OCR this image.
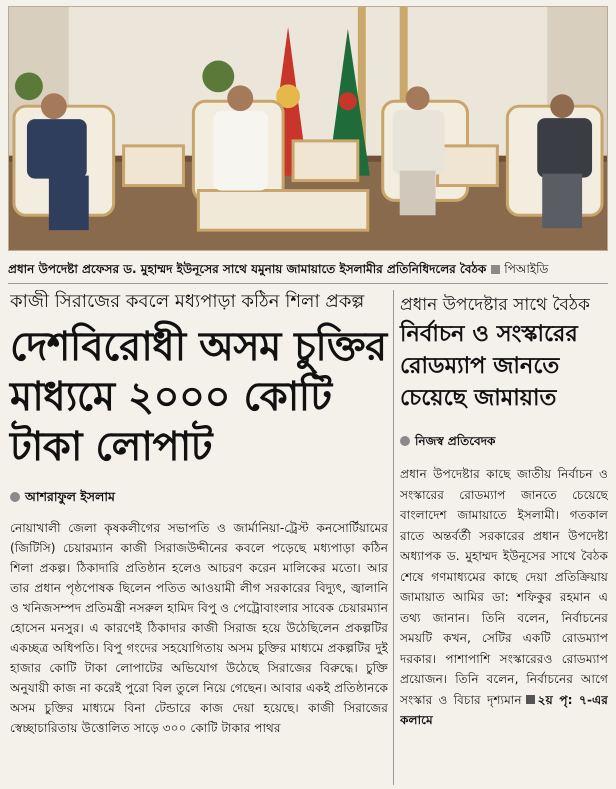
প্রধান উপদেষ্টা প্রফেসর ড. মুহাম্মদ ইউনূসের সাথে যমুনায় জামায়াতে ইসলামীর প্রতিনিধিদলের বৈঠক পিআইডি
কাজী সিরাজের কবলে মধ্যপাড়া কঠিন শিলা প্রকল্প
দেশবিরোধী অসম চুক্তির মাধ্যমে ২০০০ কোটি টাকা লোপাট
আশরাফুল ইসলাম
নোয়াখালী জেলা কৃষকলীগের সভাপতি ও জার্মানিয়া-ট্রেস্ট কনসোর্টিয়ামের (জিটিসি) চেয়ারম্যান কাজী সিরাজউদ্দীনের কবলে পড়েছে মধ্যপাড়া কঠিন শিলা প্রকল্প। ঠিকাদারি প্রতিষ্ঠান হলেও আচরণ করেন মালিকের মতো। আর তার প্রধান পৃষ্ঠপোষক ছিলেন পতিত আওয়ামী লীগ সরকারের বিদ্যুৎ, জ্বালানি ও খনিজসম্পদ প্রতিমন্ত্রী নসরুল হামিদ বিপু ও পেট্রোবাংলার সাবেক চেয়ারম্যান হোসেন মনসুর। এ কারণেই ঠিকাদার কাজী সিরাজ হয়ে উঠেছিলেন প্রকল্পটির একচ্ছত্র অধিপতি। বিপু গংদের সহযোগিতায় অসম চুক্তির মাধ্যমে প্রকল্পটির দুই হাজার কোটি টাকা লোপাটের অভিযোগ উঠেছে সিরাজের বিরুদ্ধে। চুক্তি অনুযায়ী কাজ না করেই পুরো বিল তুলে নিয়ে গেছেন। আবার একই প্রতিষ্ঠানকে অসম চুক্তির মাধ্যমে বিনা টেন্ডারে কাজ দেয়া হয়েছে। কাজী সিরাজের স্বেচ্ছাচারিতায় উত্তোলিত সাড়ে ৩০০ কোটি টাকার পাথর
প্রধান উপদেষ্টার সাথে বৈঠক
নির্বাচন ও সংস্কারের রোডম্যাপ জানতে চেয়েছে জামায়াত
নিজস্ব প্রতিবেদক
প্রধান উপদেষ্টার কাছে জাতীয় নির্বাচন ও সংস্কারের রোডম্যাপ জানতে চেয়েছে বাংলাদেশ জামায়াতে ইসলামী। গতকাল রাতে অন্তর্বর্তী সরকারের প্রধান উপদেষ্টা অধ্যাপক ড. মুহাম্মদ ইউনূসের সাথে বৈঠক শেষে গণমাধ্যমের কাছে দেয়া প্রতিক্রিয়ায় জামায়াত আমির ডা: শফিকুর রহমান এ তথ্য জানান। তিনি বলেন, নির্বাচনের সময়টি কখন, সেটির একটি রোডম্যাপ দরকার। পাশাপাশি সংস্কারেরও রোডম্যাপ প্রয়োজন। তিনি বলেন, নির্বাচনের আগে সংস্কার ও বিচার দৃশ্যমান ২য় পৃ: ৭-এর কলামে
